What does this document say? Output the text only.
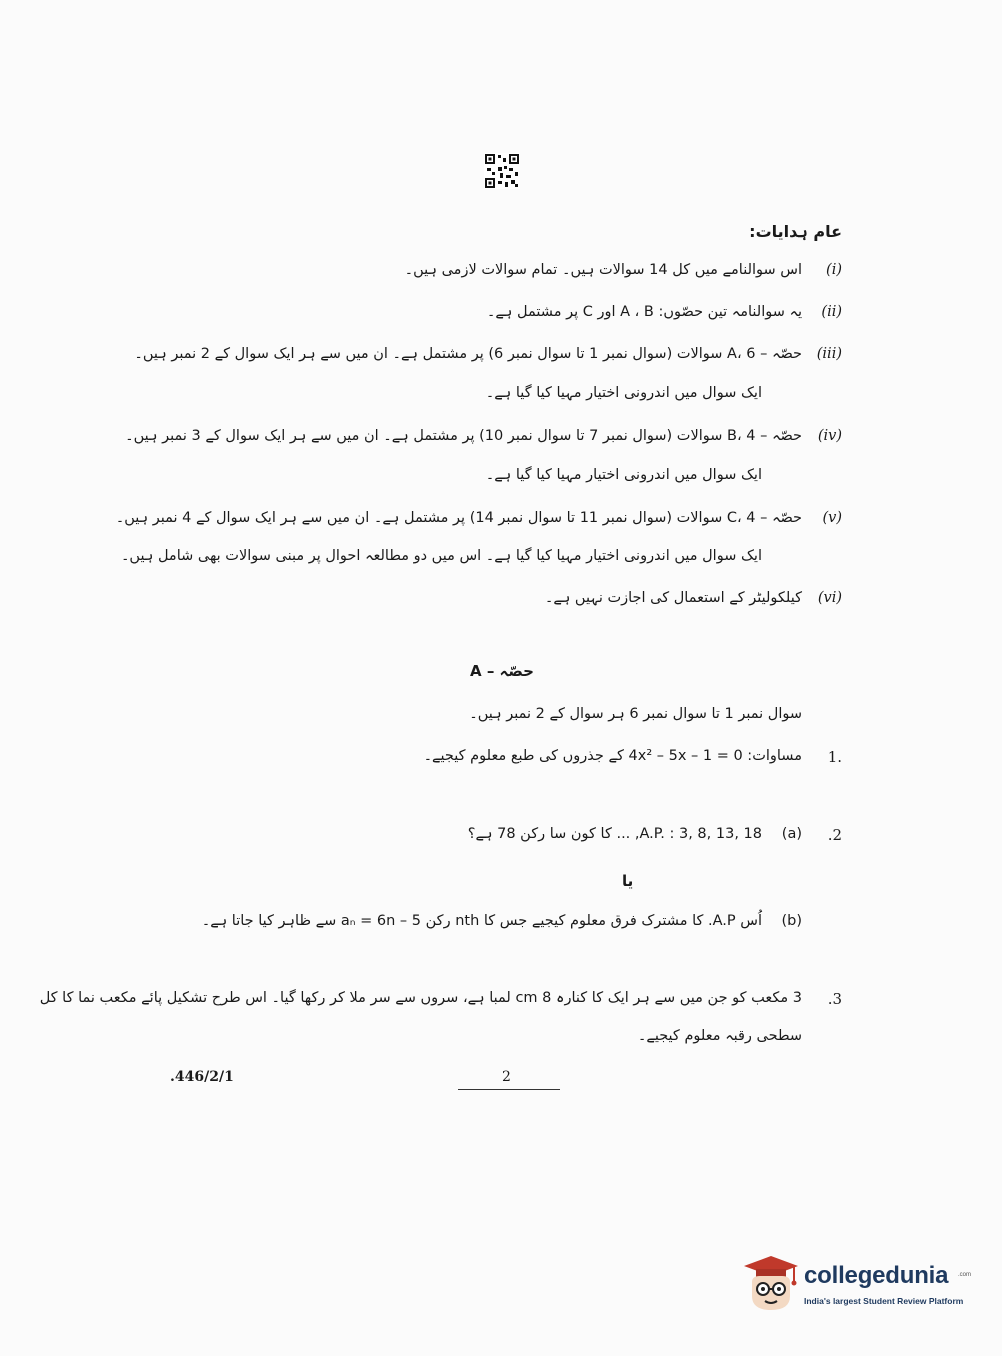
عام ہدایات:
اس سوالنامے میں کل 14 سوالات ہیں۔ تمام سوالات لازمی ہیں۔ (i)
یہ سوالنامہ تین حصّوں: A ، B اور C پر مشتمل ہے۔ (ii)
حصّہ – A، 6 سوالات (سوال نمبر 1 تا سوال نمبر 6) پر مشتمل ہے۔ ان میں سے ہر ایک سوال کے 2 نمبر ہیں۔ (iii)
ایک سوال میں اندرونی اختیار مہیا کیا گیا ہے۔
حصّہ – B، 4 سوالات (سوال نمبر 7 تا سوال نمبر 10) پر مشتمل ہے۔ ان میں سے ہر ایک سوال کے 3 نمبر ہیں۔ (iv)
ایک سوال میں اندرونی اختیار مہیا کیا گیا ہے۔
حصّہ – C، 4 سوالات (سوال نمبر 11 تا سوال نمبر 14) پر مشتمل ہے۔ ان میں سے ہر ایک سوال کے 4 نمبر ہیں۔ (v)
ایک سوال میں اندرونی اختیار مہیا کیا گیا ہے۔ اس میں دو مطالعہ احوال پر مبنی سوالات بھی شامل ہیں۔
کیلکولیٹر کے استعمال کی اجازت نہیں ہے۔ (vi)
حصّہ – A
سوال نمبر 1 تا سوال نمبر 6 ہر سوال کے 2 نمبر ہیں۔
1.
مساوات: 4x² – 5x – 1 = 0 کے جذروں کی طبع معلوم کیجیے۔
.2
(a)
A.P. : 3, 8, 13, 18, ... کا کون سا رکن 78 ہے؟
یا
(b)
اُس A.P. کا مشترک فرق معلوم کیجیے جس کا nth رکن aₙ = 6n – 5 سے ظاہر کیا جاتا ہے۔
.3
3 مکعب کو جن میں سے ہر ایک کا کنارہ 8 cm لمبا ہے، سروں سے سر ملا کر رکھا گیا۔ اس طرح تشکیل پائے مکعب نما کا کل
سطحی رقبہ معلوم کیجیے۔
.446/2/1	2
collegedunia .com
India's largest Student Review Platform
